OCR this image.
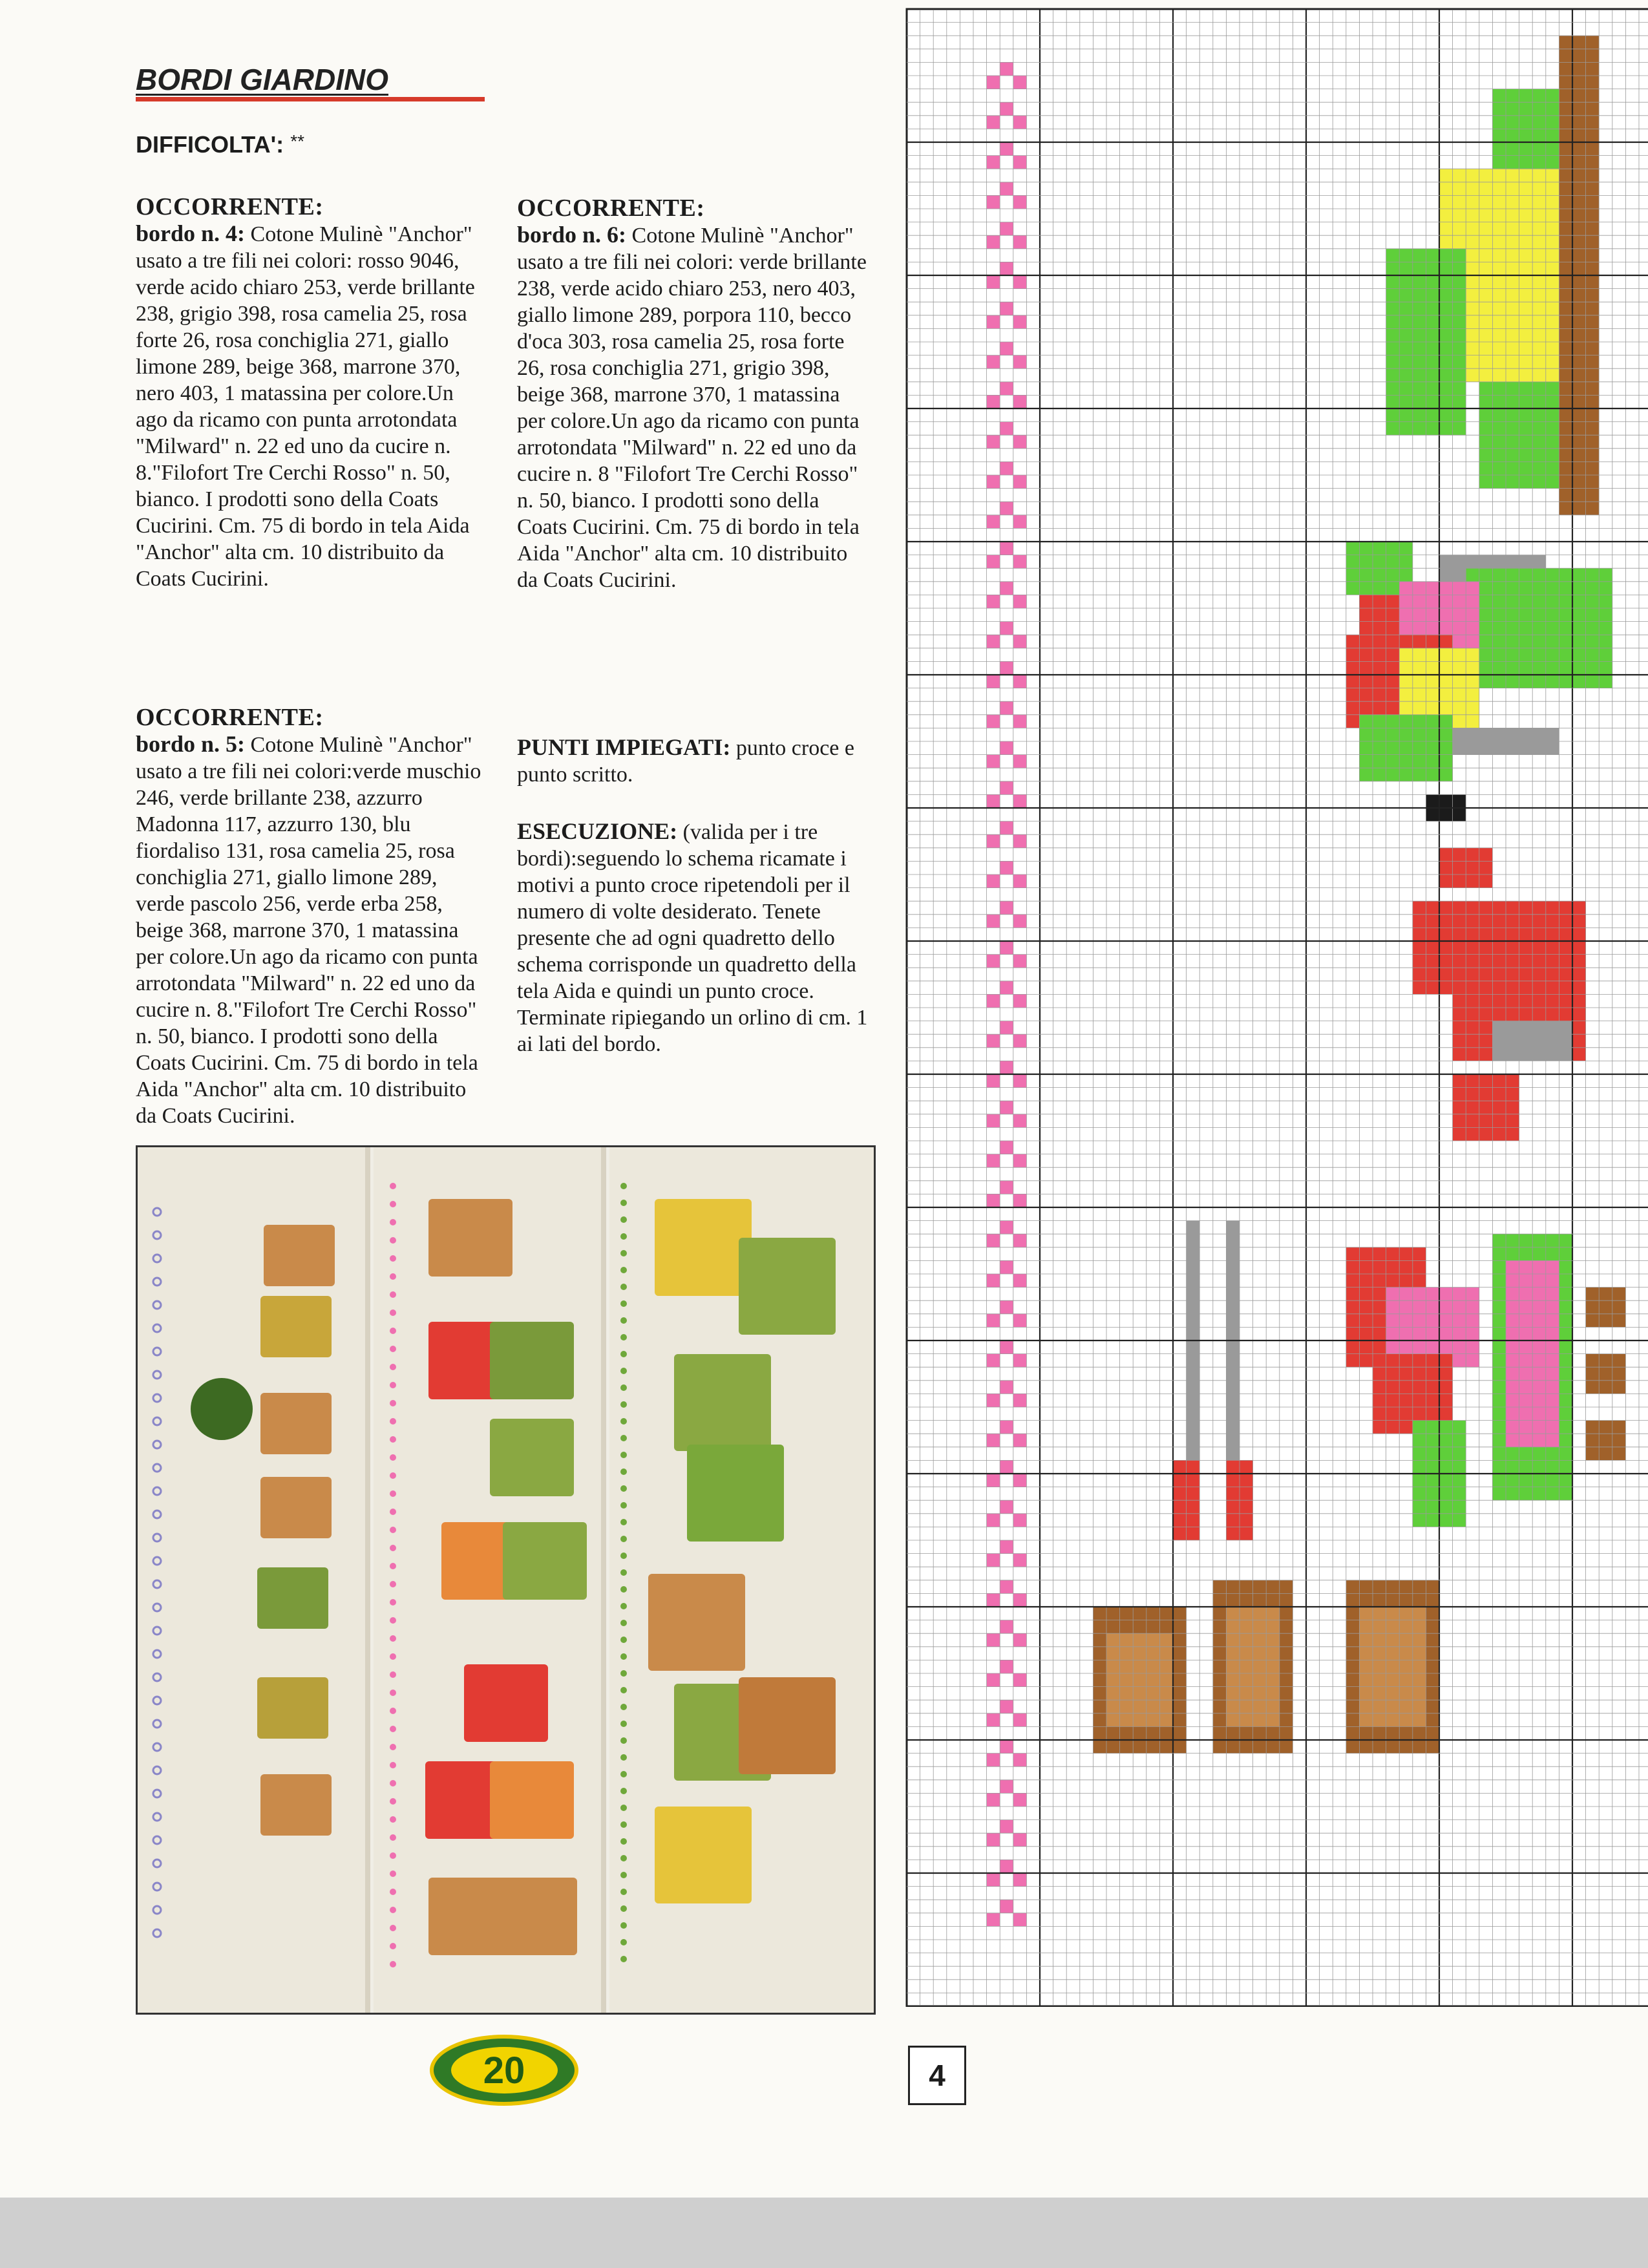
BORDI GIARDINO
DIFFICOLTA': **
OCCORRENTE:

bordo n. 4: Cotone Mulinè "Anchor" usato a tre fili nei colori: rosso 9046, verde acido chiaro 253, verde brillante 238, grigio 398, rosa camelia 25, rosa forte 26, rosa conchiglia 271, giallo limone 289, beige 368, marrone 370, nero 403, 1 matassina per colore.Un ago da ricamo con punta arrotondata "Milward" n. 22 ed uno da cucire n. 8."Filofort Tre Cerchi Rosso" n. 50, bianco. I prodotti sono della Coats Cucirini. Cm. 75 di bordo in tela Aida "Anchor" alta cm. 10 distribuito da Coats Cucirini.

OCCORRENTE:

bordo n. 5: Cotone Mulinè "Anchor" usato a tre fili nei colori:verde muschio 246, verde brillante 238, azzurro Madonna 117, azzurro 130, blu fiordaliso 131, rosa camelia 25, rosa conchiglia 271, giallo limone 289, verde pascolo 256, verde erba 258, beige 368, marrone 370, 1 matassina per colore.Un ago da ricamo con punta arrotondata "Milward" n. 22 ed uno da cucire n. 8."Filofort Tre Cerchi Rosso" n. 50, bianco. I prodotti sono della Coats Cucirini. Cm. 75 di bordo in tela Aida "Anchor" alta cm. 10 distribuito da Coats Cucirini.

OCCORRENTE:

bordo n. 6: Cotone Mulinè "Anchor" usato a tre fili nei colori: verde brillante 238, verde acido chiaro 253, nero 403, giallo limone 289, porpora 110, becco d'oca 303, rosa camelia 25, rosa forte 26, rosa conchiglia 271, grigio 398, beige 368, marrone 370, 1 matassina per colore.Un ago da ricamo con punta arrotondata "Milward" n. 22 ed uno da cucire n. 8 "Filofort Tre Cerchi Rosso" n. 50, bianco. I prodotti sono della Coats Cucirini. Cm. 75 di bordo in tela Aida "Anchor" alta cm. 10 distribuito da Coats Cucirini.

PUNTI IMPIEGATI: punto croce e punto scritto.

ESECUZIONE: (valida per i tre bordi):seguendo lo schema ricamate i motivi a punto croce ripetendoli per il numero di volte desiderato. Tenete presente che ad ogni quadretto dello schema corrisponde un quadretto della tela Aida e quindi un punto croce. Terminate ripiegando un orlino di cm. 1 ai lati del bordo.

20	4
